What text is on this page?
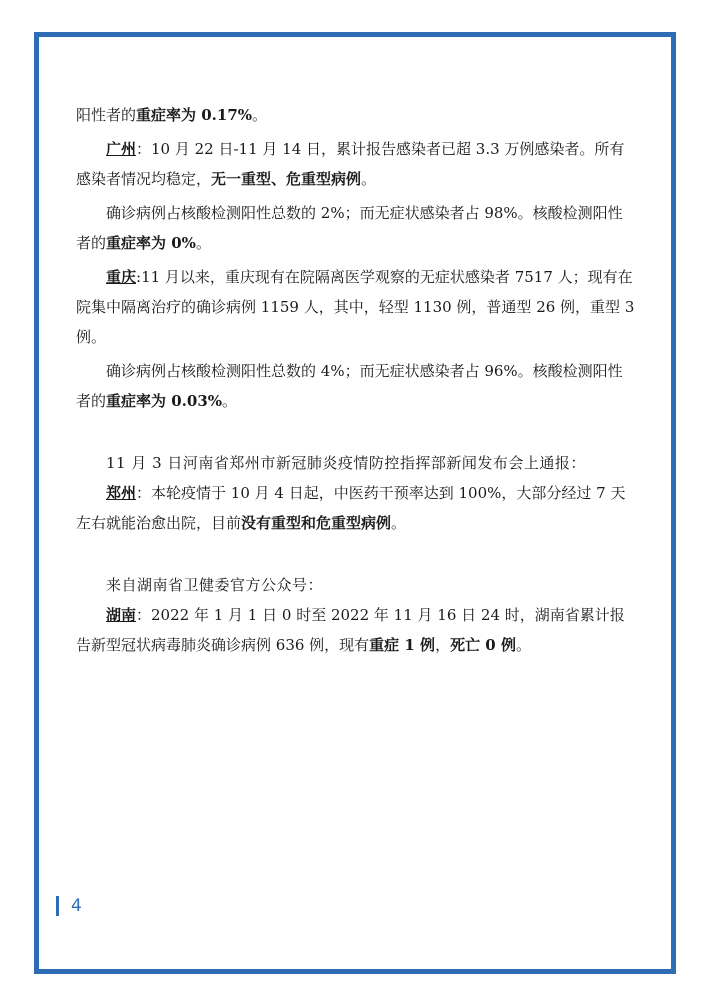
阳性者的重症率为 0.17%。

广州：10 月 22 日-11 月 14 日，累计报告感染者已超 3.3 万例感染者。所有感染者情况均稳定，无一重型、危重型病例。

确诊病例占核酸检测阳性总数的 2%；而无症状感染者占 98%。核酸检测阳性者的重症率为 0%。

重庆:11 月以来，重庆现有在院隔离医学观察的无症状感染者 7517 人；现有在院集中隔离治疗的确诊病例 1159 人，其中，轻型 1130 例，普通型 26 例，重型 3 例。

确诊病例占核酸检测阳性总数的 4%；而无症状感染者占 96%。核酸检测阳性者的重症率为 0.03%。

11 月 3 日河南省郑州市新冠肺炎疫情防控指挥部新闻发布会上通报：

郑州：本轮疫情于 10 月 4 日起，中医药干预率达到 100%，大部分经过 7 天左右就能治愈出院，目前没有重型和危重型病例。

来自湖南省卫健委官方公众号：

湖南：2022 年 1 月 1 日 0 时至 2022 年 11 月 16 日 24 时，湖南省累计报告新型冠状病毒肺炎确诊病例 636 例，现有重症 1 例，死亡 0 例。

4
